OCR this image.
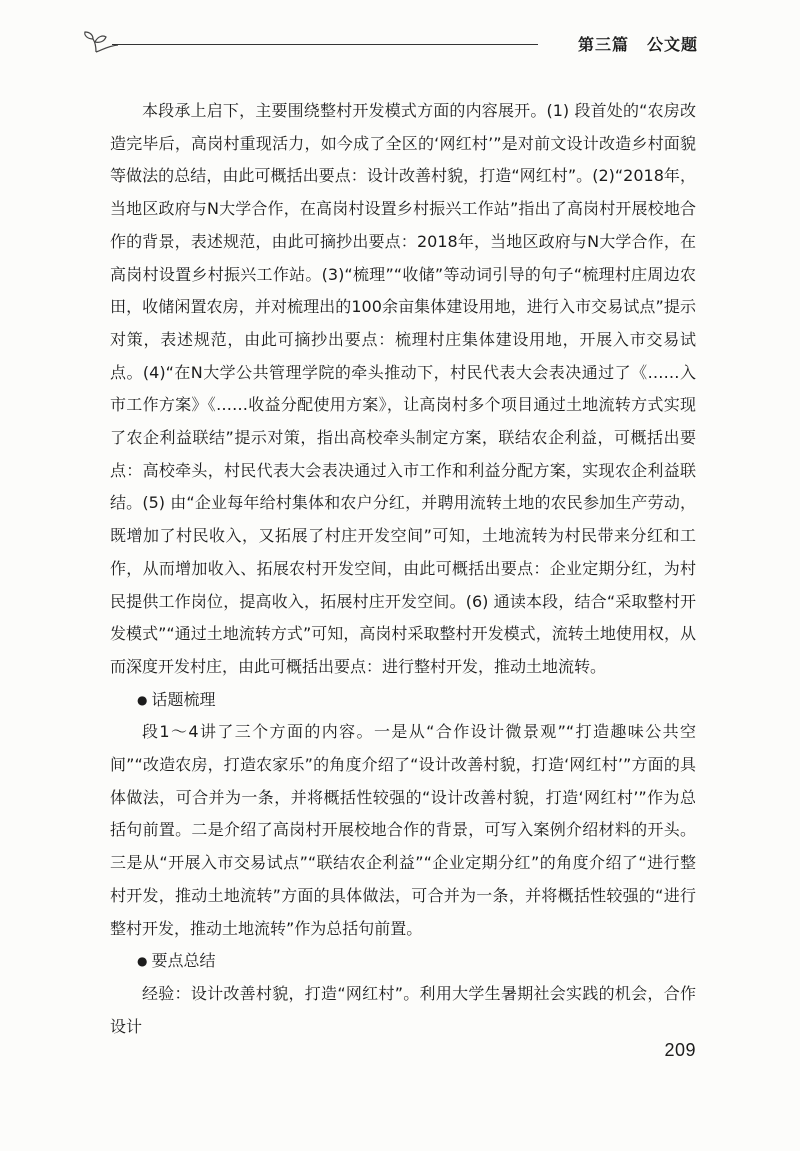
第三篇 公文题

本段承上启下，主要围绕整村开发模式方面的内容展开。(1) 段首处的“农房改造完毕后，高岗村重现活力，如今成了全区的‘网红村’”是对前文设计改造乡村面貌等做法的总结，由此可概括出要点：设计改善村貌，打造“网红村”。(2)“2018年，当地区政府与N大学合作，在高岗村设置乡村振兴工作站”指出了高岗村开展校地合作的背景，表述规范，由此可摘抄出要点：2018年，当地区政府与N大学合作，在高岗村设置乡村振兴工作站。(3)“梳理”“收储”等动词引导的句子“梳理村庄周边农田，收储闲置农房，并对梳理出的100余亩集体建设用地，进行入市交易试点”提示对策，表述规范，由此可摘抄出要点：梳理村庄集体建设用地，开展入市交易试点。(4)“在N大学公共管理学院的牵头推动下，村民代表大会表决通过了《……入市工作方案》《……收益分配使用方案》，让高岗村多个项目通过土地流转方式实现了农企利益联结”提示对策，指出高校牵头制定方案，联结农企利益，可概括出要点：高校牵头，村民代表大会表决通过入市工作和利益分配方案，实现农企利益联结。(5) 由“企业每年给村集体和农户分红，并聘用流转土地的农民参加生产劳动，既增加了村民收入，又拓展了村庄开发空间”可知，土地流转为村民带来分红和工作，从而增加收入、拓展农村开发空间，由此可概括出要点：企业定期分红，为村民提供工作岗位，提高收入，拓展村庄开发空间。(6) 通读本段，结合“采取整村开发模式”“通过土地流转方式”可知，高岗村采取整村开发模式，流转土地使用权，从而深度开发村庄，由此可概括出要点：进行整村开发，推动土地流转。

● 话题梳理

段1～4讲了三个方面的内容。一是从“合作设计微景观”“打造趣味公共空间”“改造农房，打造农家乐”的角度介绍了“设计改善村貌，打造‘网红村’”方面的具体做法，可合并为一条，并将概括性较强的“设计改善村貌，打造‘网红村’”作为总括句前置。二是介绍了高岗村开展校地合作的背景，可写入案例介绍材料的开头。三是从“开展入市交易试点”“联结农企利益”“企业定期分红”的角度介绍了“进行整村开发，推动土地流转”方面的具体做法，可合并为一条，并将概括性较强的“进行整村开发，推动土地流转”作为总括句前置。

● 要点总结

经验：设计改善村貌，打造“网红村”。利用大学生暑期社会实践的机会，合作设计

209
